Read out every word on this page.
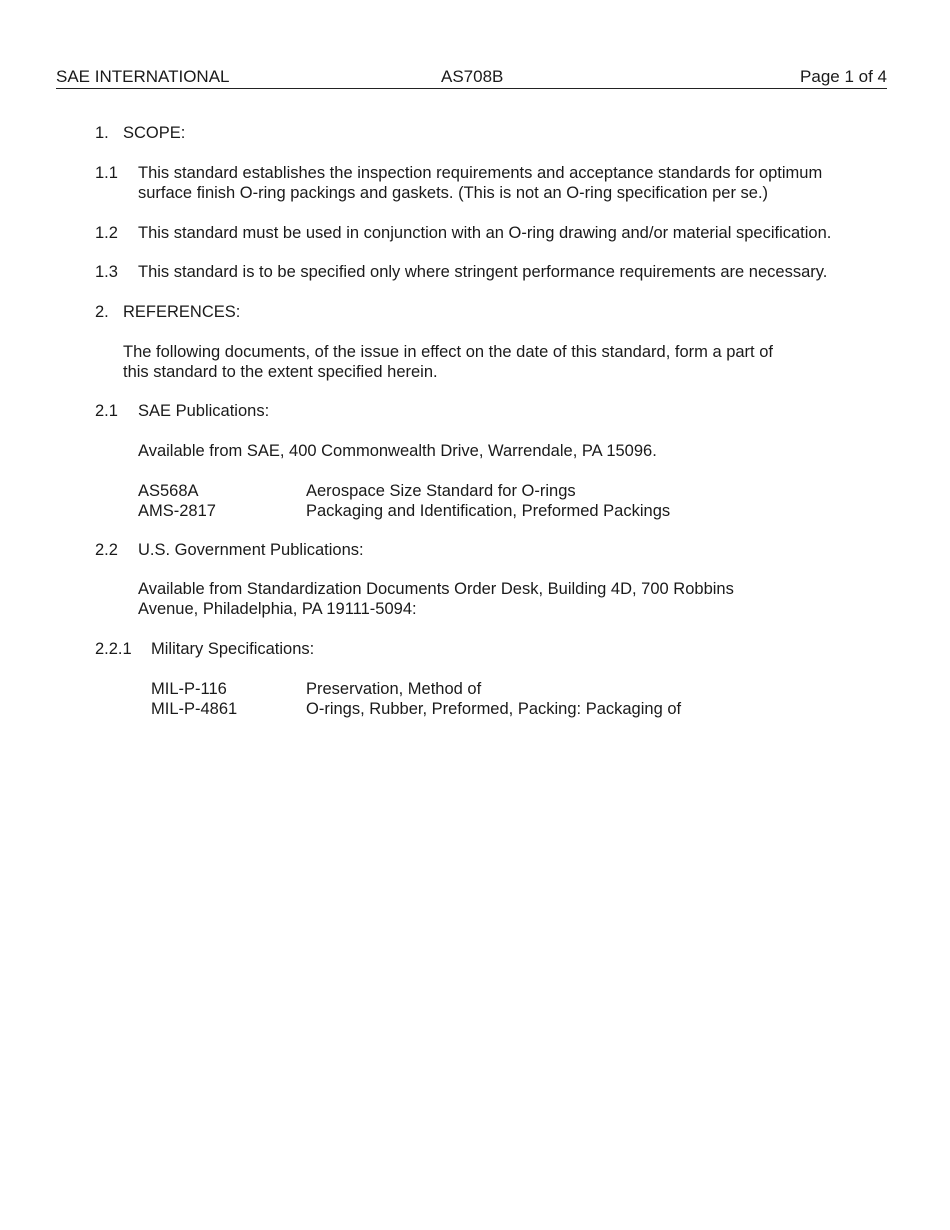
SAE INTERNATIONAL	AS708B	Page 1 of 4
1. SCOPE:
1.1 This standard establishes the inspection requirements and acceptance standards for optimum
surface finish O-ring packings and gaskets. (This is not an O-ring specification per se.)
1.2 This standard must be used in conjunction with an O-ring drawing and/or material specification.
1.3 This standard is to be specified only where stringent performance requirements are necessary.
2. REFERENCES:
The following documents, of the issue in effect on the date of this standard, form a part of
this standard to the extent specified herein.
2.1 SAE Publications:
Available from SAE, 400 Commonwealth Drive, Warrendale, PA 15096.
AS568A	Aerospace Size Standard for O-rings
AMS-2817	Packaging and Identification, Preformed Packings
2.2 U.S. Government Publications:
Available from Standardization Documents Order Desk, Building 4D, 700 Robbins
Avenue, Philadelphia, PA 19111-5094:
2.2.1 Military Specifications:
MIL-P-116	Preservation, Method of
MIL-P-4861	O-rings, Rubber, Preformed, Packing: Packaging of
